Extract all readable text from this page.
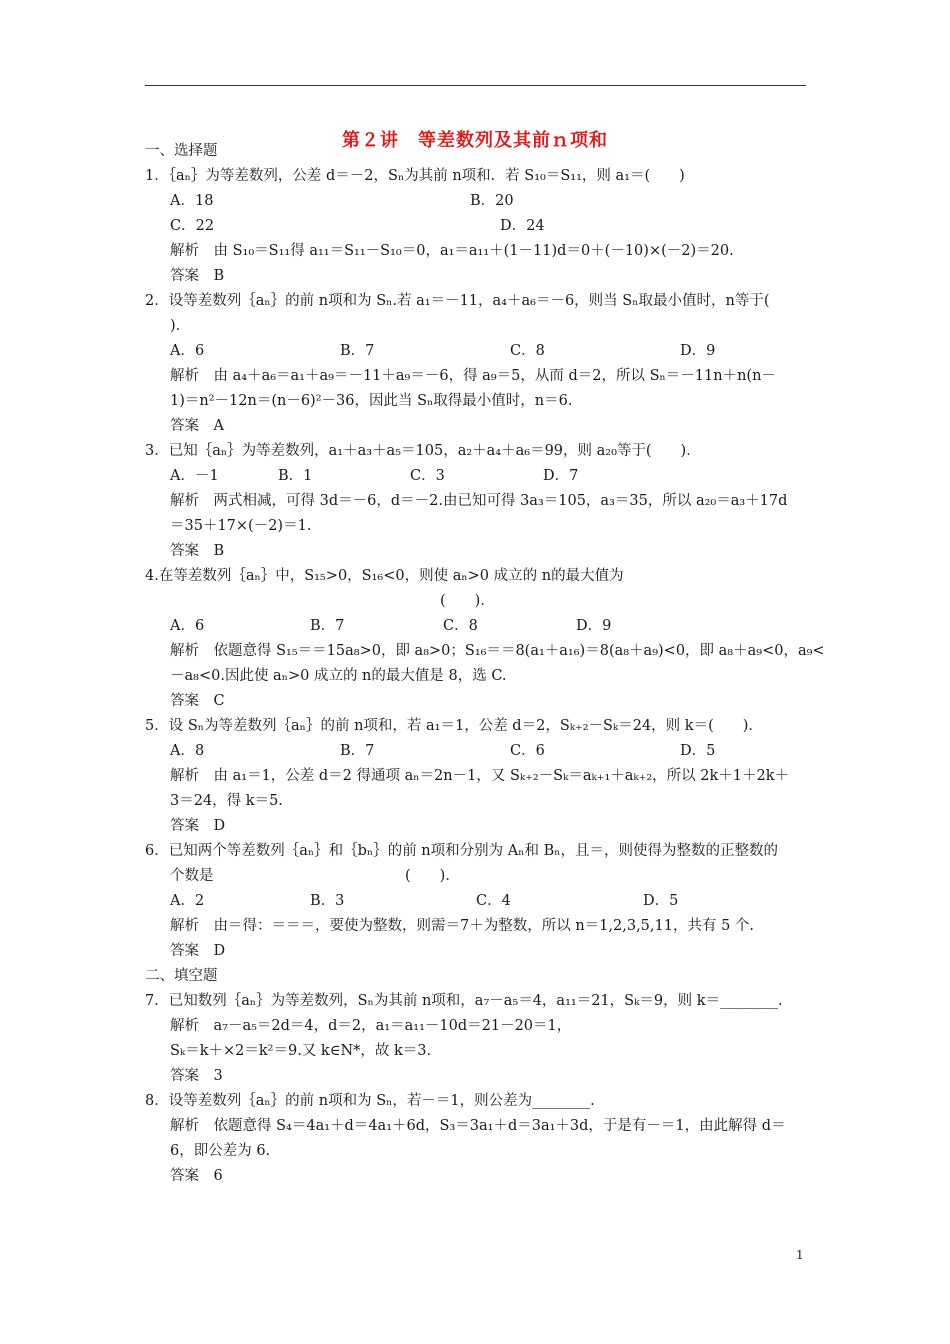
第２讲　等差数列及其前ｎ项和
一、选择题
1．｛aₙ｝为等差数列，公差 d＝－2，Sₙ为其前 n项和．若 S₁₀＝S₁₁，则 a₁＝(　　)
A．18	B．20
C．22	D．24
解析　由 S₁₀＝S₁₁得 a₁₁＝S₁₁－S₁₀＝0，a₁＝a₁₁＋(1－11)d＝0＋(－10)×(－2)＝20.
答案　B
2．设等差数列｛aₙ｝的前 n项和为 Sₙ.若 a₁＝－11，a₄＋a₆＝－6，则当 Sₙ取最小值时，n等于(
)．
A．6	B．7	C．8	D．9
解析　由 a₄＋a₆＝a₁＋a₉＝－11＋a₉＝－6，得 a₉＝5，从而 d＝2，所以 Sₙ＝－11n＋n(n－
1)＝n²－12n＝(n－6)²－36，因此当 Sₙ取得最小值时，n＝6.
答案　A
3．已知｛aₙ｝为等差数列，a₁＋a₃＋a₅＝105，a₂＋a₄＋a₆＝99，则 a₂₀等于(　　)．
A．－1	B．1	C．3	D．7
解析　两式相减，可得 3d＝－6，d＝－2.由已知可得 3a₃＝105，a₃＝35，所以 a₂₀＝a₃＋17d
＝35＋17×(－2)＝1.
答案　B
4.在等差数列｛aₙ｝中，S₁₅>0，S₁₆<0，则使 aₙ>0 成立的 n的最大值为
(　　)．
A．6	B．7	C．8	D．9
解析　依题意得 S₁₅＝＝15a₈>0，即 a₈>0；S₁₆＝＝8(a₁＋a₁₆)＝8(a₈＋a₉)<0，即 a₈＋a₉<0，a₉<
－a₈<0.因此使 aₙ>0 成立的 n的最大值是 8，选 C.
答案　C
5．设 Sₙ为等差数列｛aₙ｝的前 n项和，若 a₁＝1，公差 d＝2，Sₖ₊₂－Sₖ＝24，则 k＝(　　)．
A．8	B．7	C．6	D．5
解析　由 a₁＝1，公差 d＝2 得通项 aₙ＝2n－1，又 Sₖ₊₂－Sₖ＝aₖ₊₁＋aₖ₊₂，所以 2k＋1＋2k＋
3＝24，得 k＝5.
答案　D
6．已知两个等差数列｛aₙ｝和｛bₙ｝的前 n项和分别为 Aₙ和 Bₙ，且＝，则使得为整数的正整数的
个数是	(　　)．
A．2	B．3	C．4	D．5
解析　由＝得：＝＝＝，要使为整数，则需＝7＋为整数，所以 n＝1,2,3,5,11，共有 5 个.
答案　D
二、填空题
7．已知数列｛aₙ｝为等差数列，Sₙ为其前 n项和，a₇－a₅＝4，a₁₁＝21，Sₖ＝9，则 k＝________.
解析　a₇－a₅＝2d＝4，d＝2，a₁＝a₁₁－10d＝21－20＝1，
Sₖ＝k＋×2＝k²＝9.又 k∈N*，故 k＝3.
答案　3
8．设等差数列｛aₙ｝的前 n项和为 Sₙ，若－＝1，则公差为________.
解析　依题意得 S₄＝4a₁＋d＝4a₁＋6d，S₃＝3a₁＋d＝3a₁＋3d，于是有－＝1，由此解得 d＝
6，即公差为 6.
答案　6
1
